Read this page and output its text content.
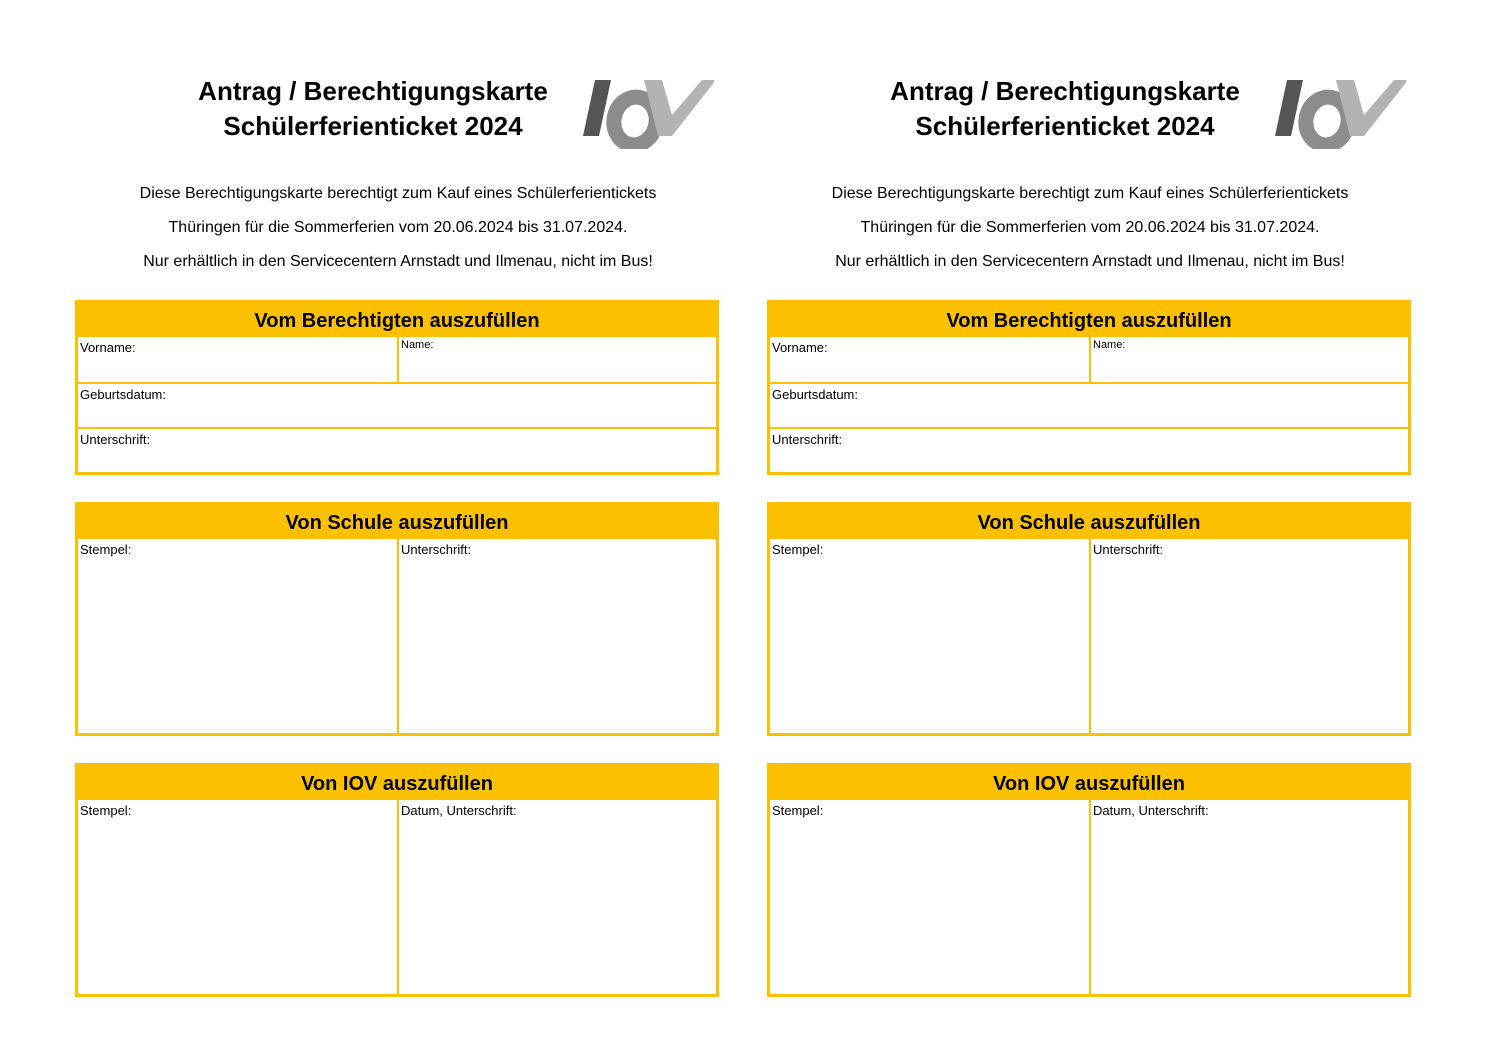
Antrag / Berechtigungskarte
Schülerferienticket 2024
Diese Berechtigungskarte berechtigt zum Kauf eines Schülerferientickets
Thüringen für die Sommerferien vom 20.06.2024 bis 31.07.2024.
Nur erhältlich in den Servicecentern Arnstadt und Ilmenau, nicht im Bus!
Vom Berechtigten auszufüllen
Vorname:	Name:
Geburtsdatum:
Unterschrift:
Von Schule auszufüllen
Stempel:	Unterschrift:
Von IOV auszufüllen
Stempel:	Datum, Unterschrift:
Antrag / Berechtigungskarte
Schülerferienticket 2024
Diese Berechtigungskarte berechtigt zum Kauf eines Schülerferientickets
Thüringen für die Sommerferien vom 20.06.2024 bis 31.07.2024.
Nur erhältlich in den Servicecentern Arnstadt und Ilmenau, nicht im Bus!
Vom Berechtigten auszufüllen
Vorname:	Name:
Geburtsdatum:
Unterschrift:
Von Schule auszufüllen
Stempel:	Unterschrift:
Von IOV auszufüllen
Stempel:	Datum, Unterschrift:
